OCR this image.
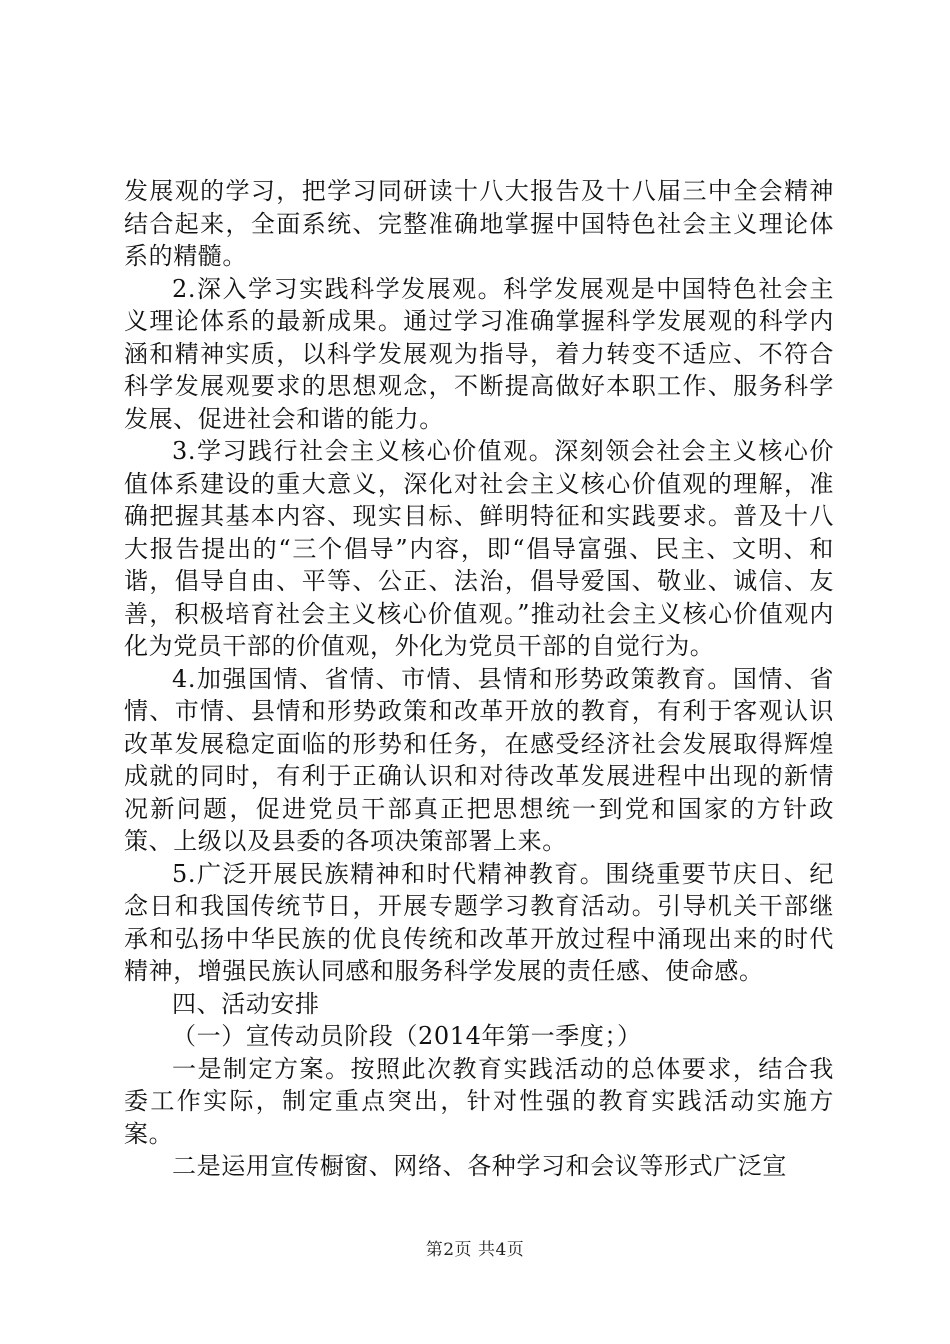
发展观的学习，把学习同研读十八大报告及十八届三中全会精神结合起来，全面系统、完整准确地掌握中国特色社会主义理论体系的精髓。

2.深入学习实践科学发展观。科学发展观是中国特色社会主义理论体系的最新成果。通过学习准确掌握科学发展观的科学内涵和精神实质，以科学发展观为指导，着力转变不适应、不符合科学发展观要求的思想观念，不断提高做好本职工作、服务科学发展、促进社会和谐的能力。

3.学习践行社会主义核心价值观。深刻领会社会主义核心价值体系建设的重大意义，深化对社会主义核心价值观的理解，准确把握其基本内容、现实目标、鲜明特征和实践要求。普及十八大报告提出的“三个倡导”内容，即“倡导富强、民主、文明、和谐，倡导自由、平等、公正、法治，倡导爱国、敬业、诚信、友善，积极培育社会主义核心价值观。”推动社会主义核心价值观内化为党员干部的价值观，外化为党员干部的自觉行为。

4.加强国情、省情、市情、县情和形势政策教育。国情、省情、市情、县情和形势政策和改革开放的教育，有利于客观认识改革发展稳定面临的形势和任务，在感受经济社会发展取得辉煌成就的同时，有利于正确认识和对待改革发展进程中出现的新情况新问题，促进党员干部真正把思想统一到党和国家的方针政策、上级以及县委的各项决策部署上来。

5.广泛开展民族精神和时代精神教育。围绕重要节庆日、纪念日和我国传统节日，开展专题学习教育活动。引导机关干部继承和弘扬中华民族的优良传统和改革开放过程中涌现出来的时代精神，增强民族认同感和服务科学发展的责任感、使命感。

四、活动安排

（一）宣传动员阶段（2014年第一季度；）

一是制定方案。按照此次教育实践活动的总体要求，结合我委工作实际，制定重点突出，针对性强的教育实践活动实施方案。

二是运用宣传橱窗、网络、各种学习和会议等形式广泛宣

第2页 共4页
